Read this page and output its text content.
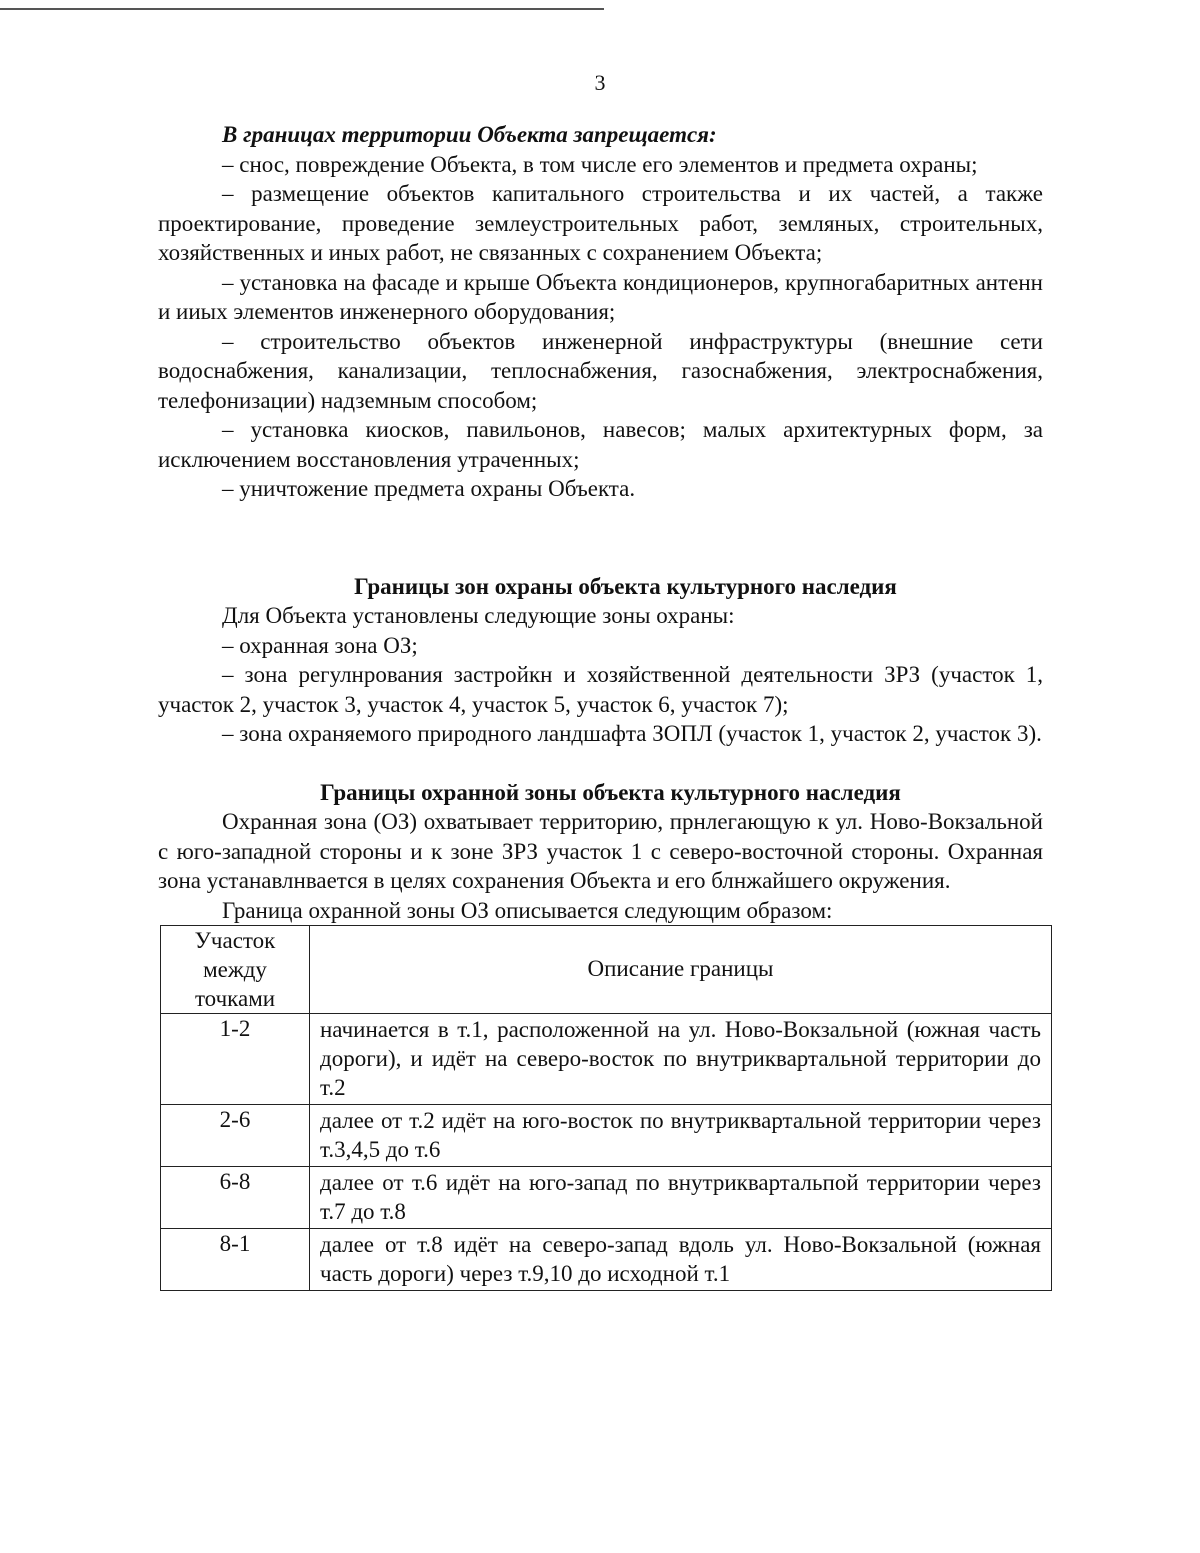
3

В границах территории Объекта запрещается:

– снос, повреждение Объекта, в том числе его элементов и предмета охраны;

– размещение объектов капитального строительства и их частей, а также проектирование, проведение землеустроительных работ, земляных, строительных, хозяйственных и иных работ, не связанных с сохранением Объекта;

– установка на фасаде и крыше Объекта кондиционеров, крупногабаритных антенн и ииых элементов инженерного оборудования;

– строительство объектов инженерной инфраструктуры (внешние сети водоснабжения, канализации, теплоснабжения, газоснабжения, электроснабжения, телефонизации) надземным способом;

– установка киосков, павильонов, навесов; малых архитектурных форм, за исключением восстановления утраченных;

– уничтожение предмета охраны Объекта.

Границы зон охраны объекта культурного наследия

Для Объекта установлены следующие зоны охраны:

– охранная зона ОЗ;

– зона регулнрования застройкн и хозяйственной деятельности ЗРЗ (участок 1, участок 2, участок 3, участок 4, участок 5, участок 6, участок 7);

– зона охраняемого природного ландшафта ЗОПЛ (участок 1, участок 2, участок 3).

Границы охранной зоны объекта культурного наследия

Охранная зона (ОЗ) охватывает территорию, прнлегающую к ул. Ново-Вокзальной с юго-западной стороны и к зоне ЗРЗ участок 1 с северо-восточной стороны. Охранная зона устанавлнвается в целях сохранения Объекта и его блнжайшего окружения.

Граница охранной зоны ОЗ описывается следующим образом:

Участок между точками	Описание границы
1-2	начинается в т.1, расположенной на ул. Ново-Вокзальной (южная часть дороги), и идёт на северо-восток по внутриквартальной территории до т.2
2-6	далее от т.2 идёт на юго-восток по внутриквартальной территории через т.3,4,5 до т.6
6-8	далее от т.6 идёт на юго-запад по внутриквартальпой территории через т.7 до т.8
8-1	далее от т.8 идёт на северо-запад вдоль ул. Ново-Вокзальной (южная часть дороги) через т.9,10 до исходной т.1
